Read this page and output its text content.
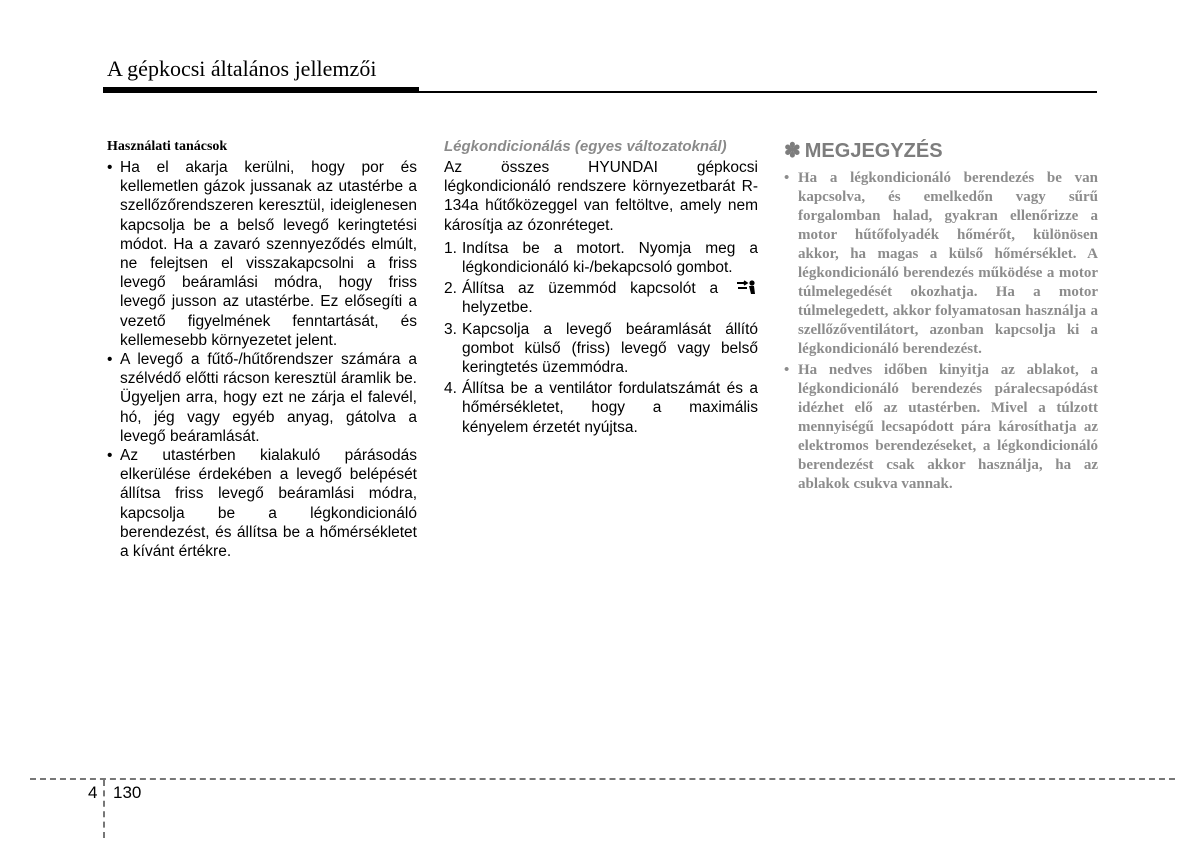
A gépkocsi általános jellemzői
Használati tanácsok
• Ha el akarja kerülni, hogy por és kellemetlen gázok jussanak az utastérbe a szellőzőrendszeren keresztül, ideiglenesen kapcsolja be a belső levegő keringtetési módot. Ha a zavaró szennyeződés elmúlt, ne felejtsen el visszakapcsolni a friss levegő beáramlási módra, hogy friss levegő jusson az utastérbe. Ez elősegíti a vezető figyelmének fenntartását, és kellemesebb környezetet jelent.
• A levegő a fűtő-/hűtőrendszer számára a szélvédő előtti rácson keresztül áramlik be. Ügyeljen arra, hogy ezt ne zárja el falevél, hó, jég vagy egyéb anyag, gátolva a levegő beáramlását.
• Az utastérben kialakuló párásodás elkerülése érdekében a levegő belépését állítsa friss levegő beáramlási módra, kapcsolja be a légkondicionáló berendezést, és állítsa be a hőmérsékletet a kívánt értékre.
Légkondicionálás (egyes változatoknál)
Az összes HYUNDAI gépkocsi légkondicionáló rendszere környezetbarát R-134a hűtőközeggel van feltöltve, amely nem károsítja az ózonréteget.
1. Indítsa be a motort. Nyomja meg a légkondicionáló ki-/bekapcsoló gombot.
2. Állítsa az üzemmód kapcsolót a  helyzetbe.
3. Kapcsolja a levegő beáramlását állító gombot külső (friss) levegő vagy belső keringtetés üzemmódra.
4. Állítsa be a ventilátor fordulatszámát és a hőmérsékletet, hogy a maximális kényelem érzetét nyújtsa.
✽ MEGJEGYZÉS
• Ha a légkondicionáló berendezés be van kapcsolva, és emelkedőn vagy sűrű forgalomban halad, gyakran ellenőrizze a motor hűtőfolyadék hőmérőt, különösen akkor, ha magas a külső hőmérséklet. A légkondicionáló berendezés működése a motor túlmelegedését okozhatja. Ha a motor túlmelegedett, akkor folyamatosan használja a szellőzőventilátort, azonban kapcsolja ki a légkondicionáló berendezést.
• Ha nedves időben kinyitja az ablakot, a légkondicionáló berendezés páralecsapódást idézhet elő az utastérben. Mivel a túlzott mennyiségű lecsapódott pára károsíthatja az elektromos berendezéseket, a légkondicionáló berendezést csak akkor használja, ha az ablakok csukva vannak.
4 130
